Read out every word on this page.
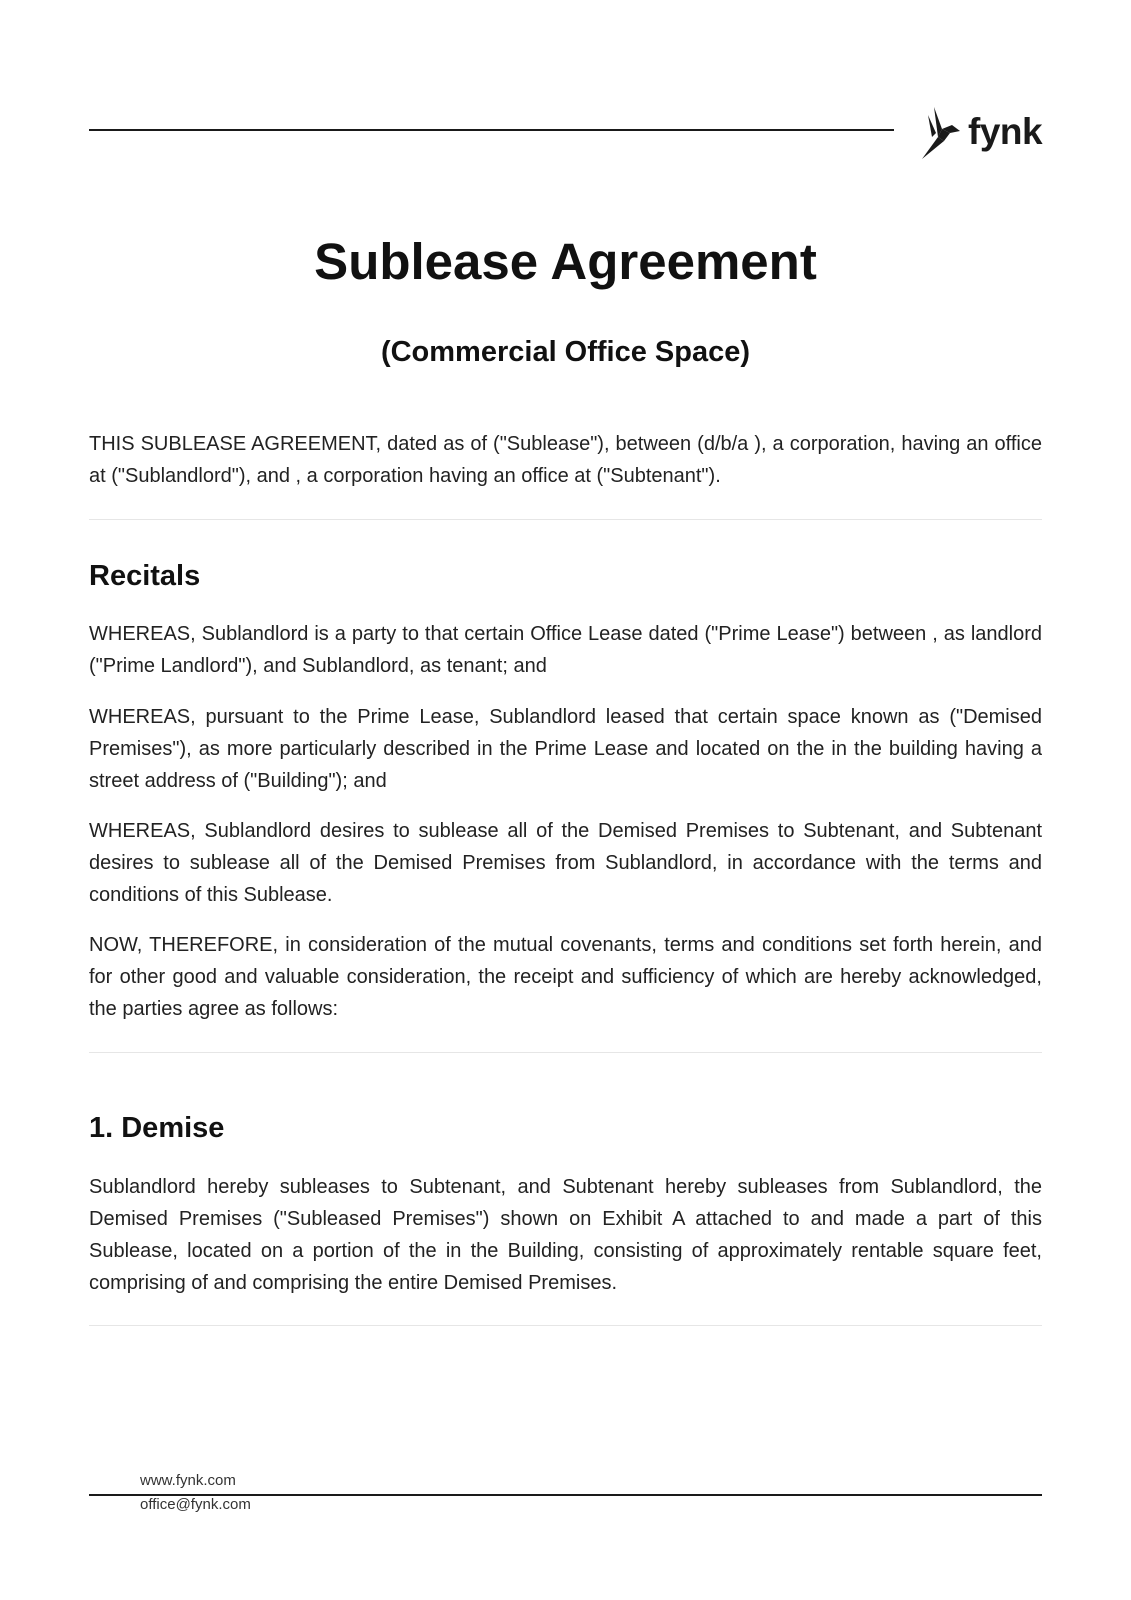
fynk
Sublease Agreement
(Commercial Office Space)

THIS SUBLEASE AGREEMENT, dated as of ("Sublease"), between (d/b/a ), a corporation, having an office at ("Sublandlord"), and , a corporation having an office at ("Subtenant").

Recitals

WHEREAS, Sublandlord is a party to that certain Office Lease dated ("Prime Lease") between , as landlord ("Prime Landlord"), and Sublandlord, as tenant; and

WHEREAS, pursuant to the Prime Lease, Sublandlord leased that certain space known as ("Demised Premises"), as more particularly described in the Prime Lease and located on the in the building having a street address of ("Building"); and

WHEREAS, Sublandlord desires to sublease all of the Demised Premises to Subtenant, and Subtenant desires to sublease all of the Demised Premises from Sublandlord, in accordance with the terms and conditions of this Sublease.

NOW, THEREFORE, in consideration of the mutual covenants, terms and conditions set forth herein, and for other good and valuable consideration, the receipt and sufficiency of which are hereby acknowledged, the parties agree as follows:

1. Demise

Sublandlord hereby subleases to Subtenant, and Subtenant hereby subleases from Sublandlord, the Demised Premises ("Subleased Premises") shown on Exhibit A attached to and made a part of this Sublease, located on a portion of the in the Building, consisting of approximately rentable square feet, comprising of and comprising the entire Demised Premises.

www.fynk.com

office@fynk.com
